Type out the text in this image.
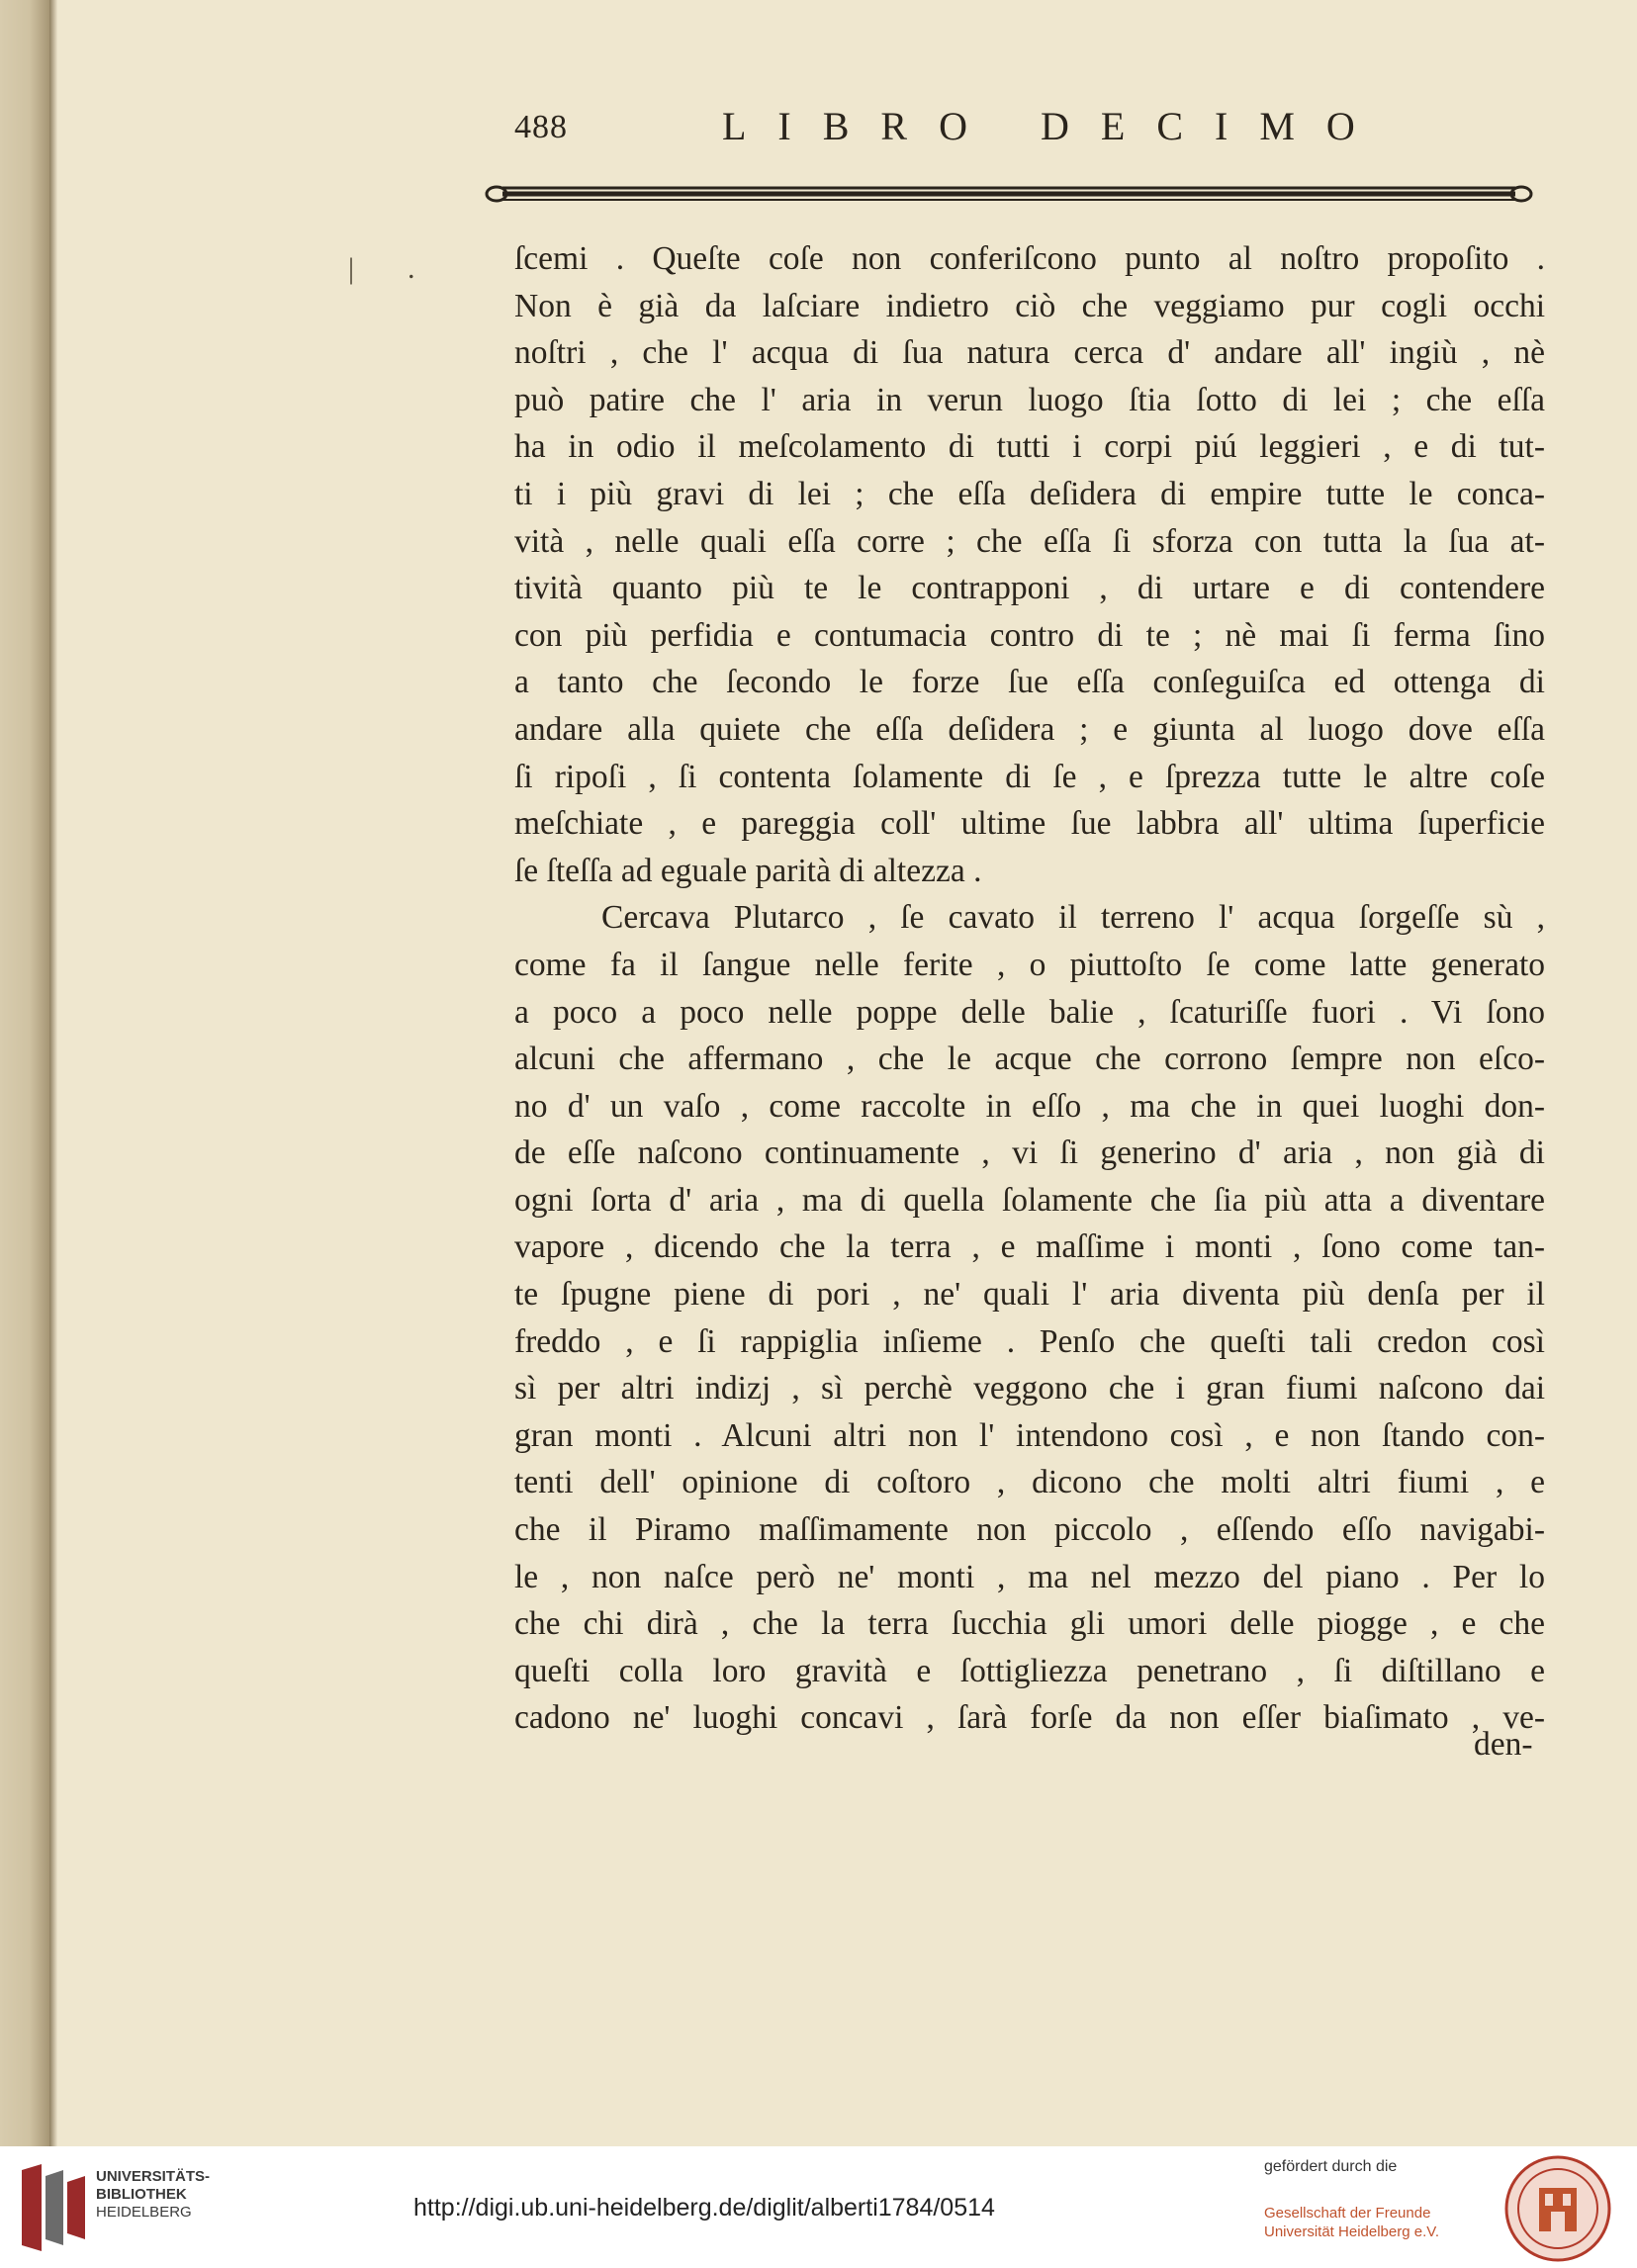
| .
488	LIBRO DECIMO
ſcemi . Queſte coſe non conferiſcono punto al noſtro propoſito .
Non è già da laſciare indietro ciò che veggiamo pur cogli occhi
noſtri , che l' acqua di ſua natura cerca d' andare all' ingiù , nè
può patire che l' aria in verun luogo ſtia ſotto di lei ; che eſſa
ha in odio il meſcolamento di tutti i corpi piú leggieri , e di tut-
ti i più gravi di lei ; che eſſa deſidera di empire tutte le conca-
vità , nelle quali eſſa corre ; che eſſa ſi sforza con tutta la ſua at-
tività quanto più te le contrapponi , di urtare e di contendere
con più perfidia e contumacia contro di te ; nè mai ſi ferma ſino
a tanto che ſecondo le forze ſue eſſa conſeguiſca ed ottenga di
andare alla quiete che eſſa deſidera ; e giunta al luogo dove eſſa
ſi ripoſi , ſi contenta ſolamente di ſe , e ſprezza tutte le altre coſe
meſchiate , e pareggia coll' ultime ſue labbra all' ultima ſuperficie
ſe ſteſſa ad eguale parità di altezza .
Cercava Plutarco , ſe cavato il terreno l' acqua ſorgeſſe sù ,
come fa il ſangue nelle ferite , o piuttoſto ſe come latte generato
a poco a poco nelle poppe delle balie , ſcaturiſſe fuori . Vi ſono
alcuni che affermano , che le acque che corrono ſempre non eſco-
no d' un vaſo , come raccolte in eſſo , ma che in quei luoghi don-
de eſſe naſcono continuamente , vi ſi generino d' aria , non già di
ogni ſorta d' aria , ma di quella ſolamente che ſia più atta a diventare
vapore , dicendo che la terra , e maſſime i monti , ſono come tan-
te ſpugne piene di pori , ne' quali l' aria diventa più denſa per il
freddo , e ſi rappiglia inſieme . Penſo che queſti tali credon così
sì per altri indizj , sì perchè veggono che i gran fiumi naſcono dai
gran monti . Alcuni altri non l' intendono così , e non ſtando con-
tenti dell' opinione di coſtoro , dicono che molti altri fiumi , e
che il Piramo maſſimamente non piccolo , eſſendo eſſo navigabi-
le , non naſce però ne' monti , ma nel mezzo del piano . Per lo
che chi dirà , che la terra ſucchia gli umori delle piogge , e che
queſti colla loro gravità e ſottigliezza penetrano , ſi diſtillano e
cadono ne' luoghi concavi , ſarà forſe da non eſſer biaſimato , ve-
den-
UNIVERSITÄTS-
BIBLIOTHEK
HEIDELBERG	http://digi.ub.uni-heidelberg.de/diglit/alberti1784/0514
gefördert durch die
Gesellschaft der Freunde
Universität Heidelberg e.V.
